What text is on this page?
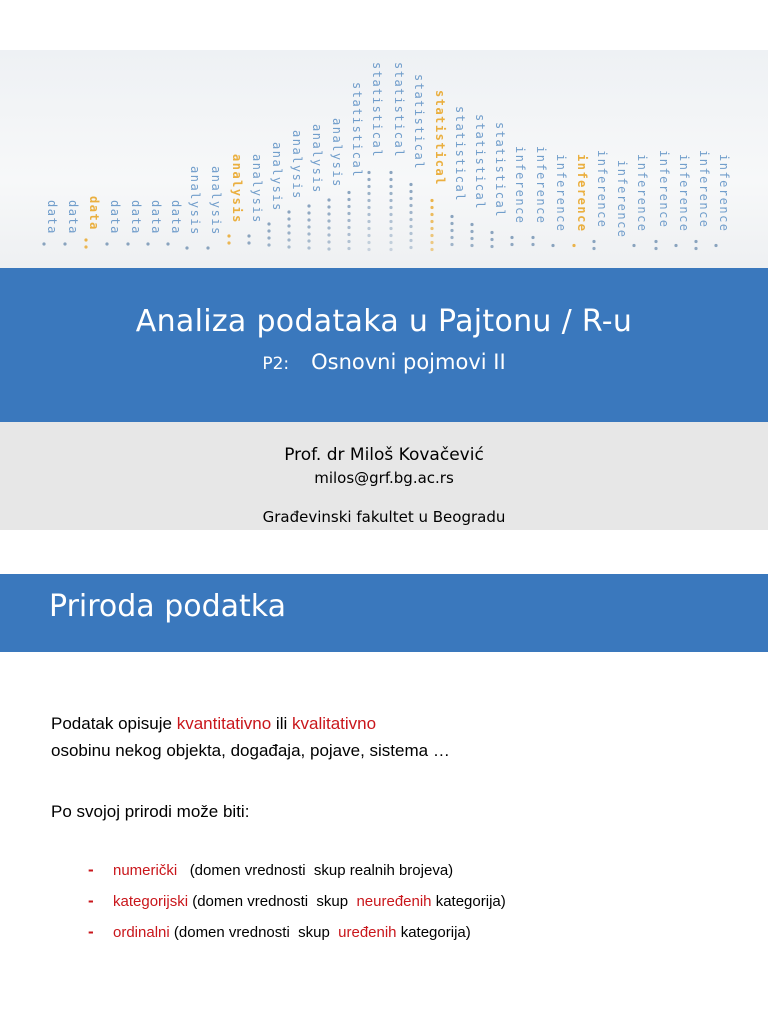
data data data data data data data analysis analysis analysis analysis analysis analysis analysis analysis statistical statistical statistical statistical statistical statistical statistical statistical inference inference inference inference inference inference inference inference inference inference inference
Analiza podataka u Pajtonu / R-u
P2: Osnovni pojmovi II
Prof. dr Miloš Kovačević
milos@grf.bg.ac.rs
Građevinski fakultet u Beogradu
Priroda podatka
Podatak opisuje kvantitativno ili kvalitativno
osobinu nekog objekta, događaja, pojave, sistema …
Po svojoj prirodi može biti:
- numerički   (domen vrednosti  skup realnih brojeva)
- kategorijski (domen vrednosti  skup  neuređenih kategorija)
- ordinalni (domen vrednosti  skup  uređenih kategorija)
